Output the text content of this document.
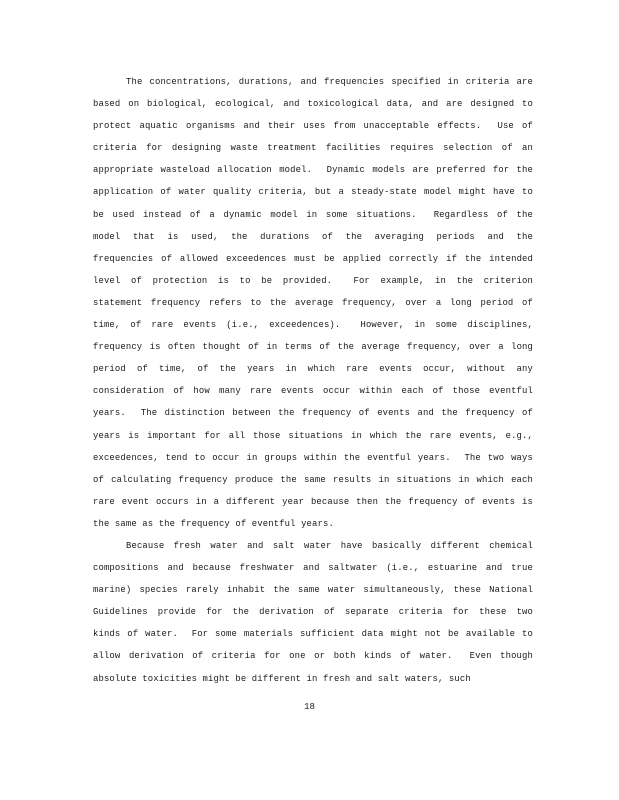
The concentrations, durations, and frequencies specified in criteria are
based on biological, ecological, and toxicological data, and are designed to
protect aquatic organisms and their uses from unacceptable effects.  Use of
criteria for designing waste treatment facilities requires selection of an
appropriate wasteload allocation model.  Dynamic models are preferred for the
application of water quality criteria, but a steady-state model might have to
be used instead of a dynamic model in some situations.  Regardless of the
model that is used, the durations of the averaging periods and the
frequencies of allowed exceedences must be applied correctly if the intended
level of protection is to be provided.  For example, in the criterion
statement frequency refers to the average frequency, over a long period of
time, of rare events (i.e., exceedences).  However, in some disciplines,
frequency is often thought of in terms of the average frequency, over a long
period of time, of the years in which rare events occur, without any
consideration of how many rare events occur within each of those eventful
years.  The distinction between the frequency of events and the frequency of
years is important for all those situations in which the rare events, e.g.,
exceedences, tend to occur in groups within the eventful years.  The two ways
of calculating frequency produce the same results in situations in which each
rare event occurs in a different year because then the frequency of events is
the same as the frequency of eventful years.
Because fresh water and salt water have basically different chemical
compositions and because freshwater and saltwater (i.e., estuarine and true
marine) species rarely inhabit the same water simultaneously, these National
Guidelines provide for the derivation of separate criteria for these two
kinds of water.  For some materials sufficient data might not be available to
allow derivation of criteria for one or both kinds of water.  Even though
absolute toxicities might be different in fresh and salt waters, such
18
